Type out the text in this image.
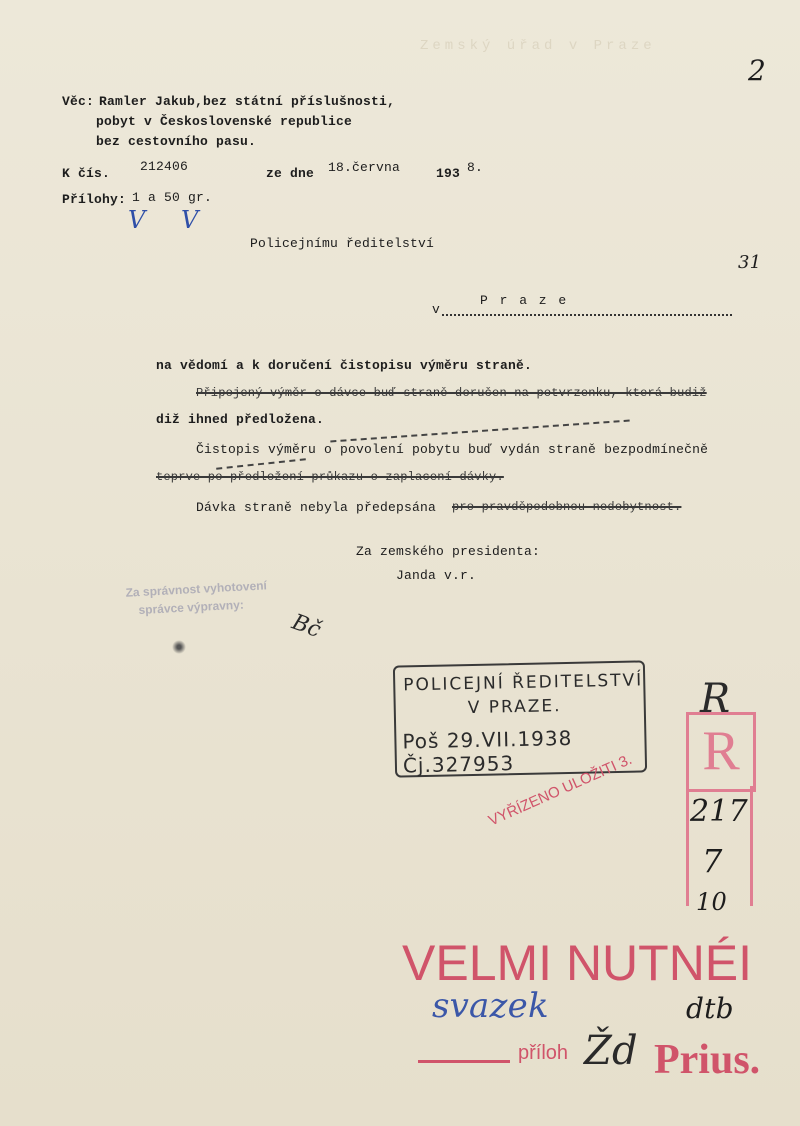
Zemský úřad v Praze
Věc: Ramler Jakub,bez státní příslušnosti,
pobyt v Československé republice
bez cestovního pasu.
K čís. 212406	ze dne 18.června	193 8.
Přílohy: 1 a 50 gr.
V V
Policejnímu ředitelství
v
P r a z e
na vědomí a k doručení čistopisu výměru straně.
Připojený výměr o dávce buď straně doručen na potvrzenku, která budiž
diž ihned předložena.
Čistopis výměru o povolení pobytu buď vydán straně bezpodmínečně
teprve po předložení průkazu o zaplacení dávky.
Dávka straně nebyla předepsána pro pravděpodobnou nedobytnost.
Za zemského presidenta:
Janda v.r.
Za správnost vyhotovení
správce výpravny:
Bč
POLICEJNÍ ŘEDITELSTVÍ
V PRAZE.
Poš 29.VII.1938 Čj.327953
VYŘÍZENO ULOŽITI 3. R
VELMI NUTNÉI
příloh Prius.
2
31
R
217
7
10
svazek	dtb
Žd
